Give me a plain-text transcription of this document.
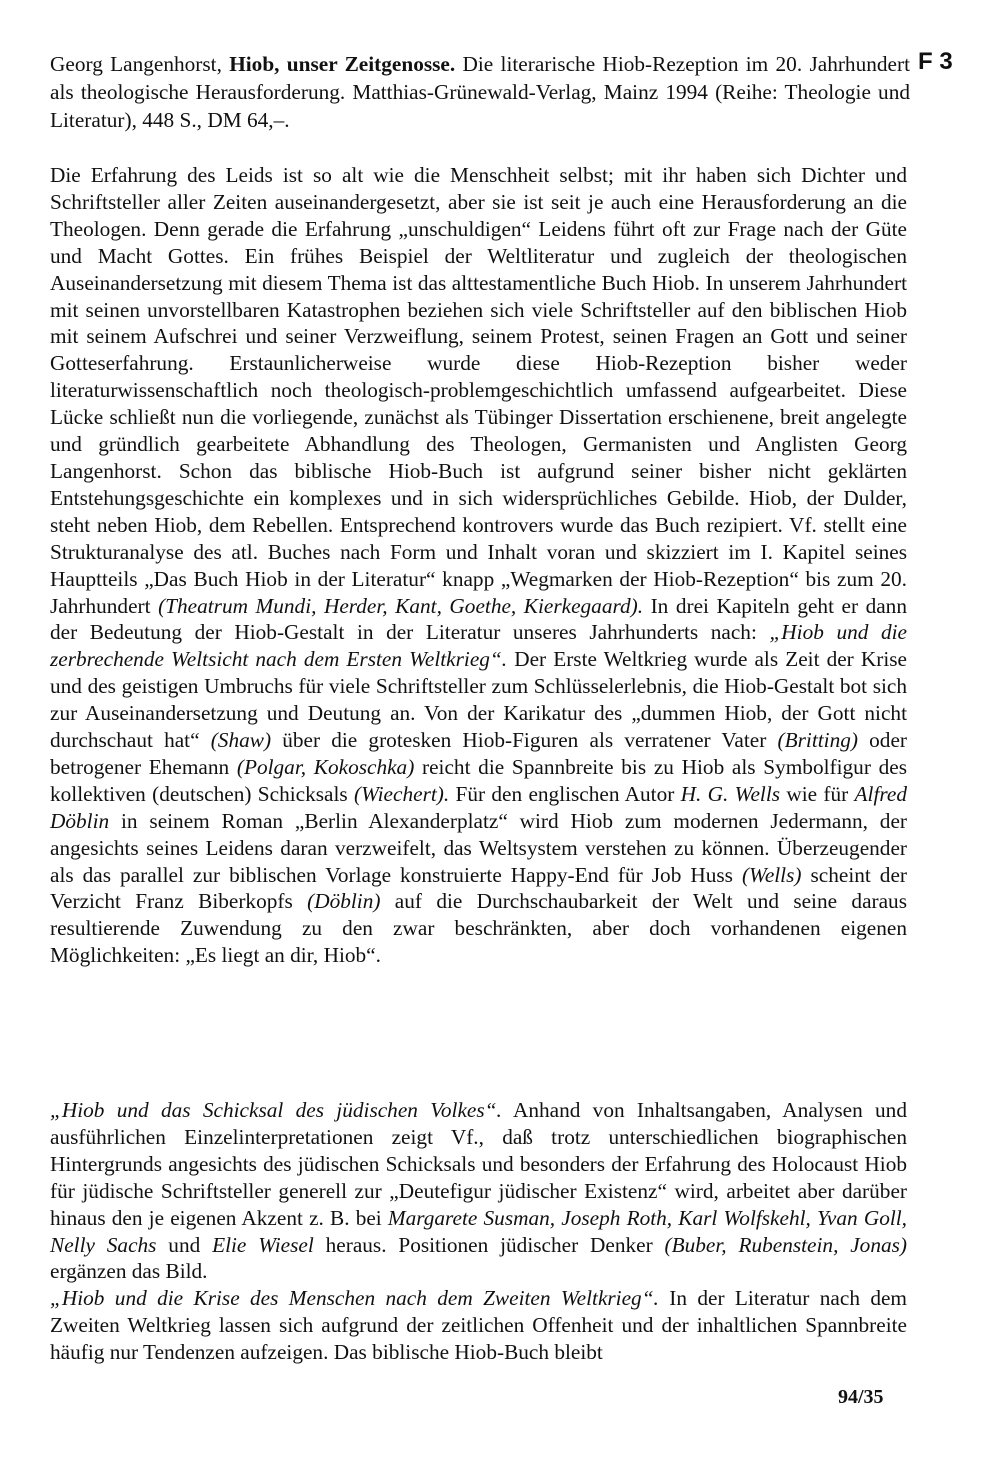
Georg Langenhorst, Hiob, unser Zeitgenosse. Die literarische Hiob-Rezeption im 20. Jahrhundert als theologische Herausforderung. Matthias-Grünewald-Verlag, Mainz 1994 (Reihe: Theologie und Literatur), 448 S., DM 64,–.
F 3

Die Erfahrung des Leids ist so alt wie die Menschheit selbst; mit ihr haben sich Dichter und Schriftsteller aller Zeiten auseinandergesetzt, aber sie ist seit je auch eine Herausforderung an die Theologen. Denn gerade die Erfahrung „unschuldigen“ Leidens führt oft zur Frage nach der Güte und Macht Gottes. Ein frühes Beispiel der Weltliteratur und zugleich der theologischen Auseinandersetzung mit diesem Thema ist das alttestamentliche Buch Hiob. In unserem Jahrhundert mit seinen unvorstellbaren Katastrophen beziehen sich viele Schriftsteller auf den biblischen Hiob mit seinem Aufschrei und seiner Verzweiflung, seinem Protest, seinen Fragen an Gott und seiner Gotteserfahrung. Erstaunlicherweise wurde diese Hiob-Rezeption bisher weder literaturwissenschaftlich noch theologisch-problemgeschichtlich umfassend aufgearbeitet. Diese Lücke schließt nun die vorliegende, zunächst als Tübinger Dissertation erschienene, breit angelegte und gründlich gearbeitete Abhandlung des Theologen, Germanisten und Anglisten Georg Langenhorst. Schon das biblische Hiob-Buch ist aufgrund seiner bisher nicht geklärten Entstehungsgeschichte ein komplexes und in sich widersprüchliches Gebilde. Hiob, der Dulder, steht neben Hiob, dem Rebellen. Entsprechend kontrovers wurde das Buch rezipiert. Vf. stellt eine Strukturanalyse des atl. Buches nach Form und Inhalt voran und skizziert im I. Kapitel seines Hauptteils „Das Buch Hiob in der Literatur“ knapp „Wegmarken der Hiob-Rezeption“ bis zum 20. Jahrhundert (Theatrum Mundi, Herder, Kant, Goethe, Kierkegaard). In drei Kapiteln geht er dann der Bedeutung der Hiob-Gestalt in der Literatur unseres Jahrhunderts nach: „Hiob und die zerbrechende Weltsicht nach dem Ersten Weltkrieg“. Der Erste Weltkrieg wurde als Zeit der Krise und des geistigen Umbruchs für viele Schriftsteller zum Schlüsselerlebnis, die Hiob-Gestalt bot sich zur Auseinandersetzung und Deutung an. Von der Karikatur des „dummen Hiob, der Gott nicht durchschaut hat“ (Shaw) über die grotesken Hiob-Figuren als verratener Vater (Britting) oder betrogener Ehemann (Polgar, Kokoschka) reicht die Spannbreite bis zu Hiob als Symbolfigur des kollektiven (deutschen) Schicksals (Wiechert). Für den englischen Autor H. G. Wells wie für Alfred Döblin in seinem Roman „Berlin Alexanderplatz“ wird Hiob zum modernen Jedermann, der angesichts seines Leidens daran verzweifelt, das Weltsystem verstehen zu können. Überzeugender als das parallel zur biblischen Vorlage konstruierte Happy-End für Job Huss (Wells) scheint der Verzicht Franz Biberkopfs (Döblin) auf die Durchschaubarkeit der Welt und seine daraus resultierende Zuwendung zu den zwar beschränkten, aber doch vorhandenen eigenen Möglichkeiten: „Es liegt an dir, Hiob“.

„Hiob und das Schicksal des jüdischen Volkes“. Anhand von Inhaltsangaben, Analysen und ausführlichen Einzelinterpretationen zeigt Vf., daß trotz unterschiedlichen biographischen Hintergrunds angesichts des jüdischen Schicksals und besonders der Erfahrung des Holocaust Hiob für jüdische Schriftsteller generell zur „Deutefigur jüdischer Existenz“ wird, arbeitet aber darüber hinaus den je eigenen Akzent z. B. bei Margarete Susman, Joseph Roth, Karl Wolfskehl, Yvan Goll, Nelly Sachs und Elie Wiesel heraus. Positionen jüdischer Denker (Buber, Rubenstein, Jonas) ergänzen das Bild.
„Hiob und die Krise des Menschen nach dem Zweiten Weltkrieg“. In der Literatur nach dem Zweiten Weltkrieg lassen sich aufgrund der zeitlichen Offenheit und der inhaltlichen Spannbreite häufig nur Tendenzen aufzeigen. Das biblische Hiob-Buch bleibt

94/35
